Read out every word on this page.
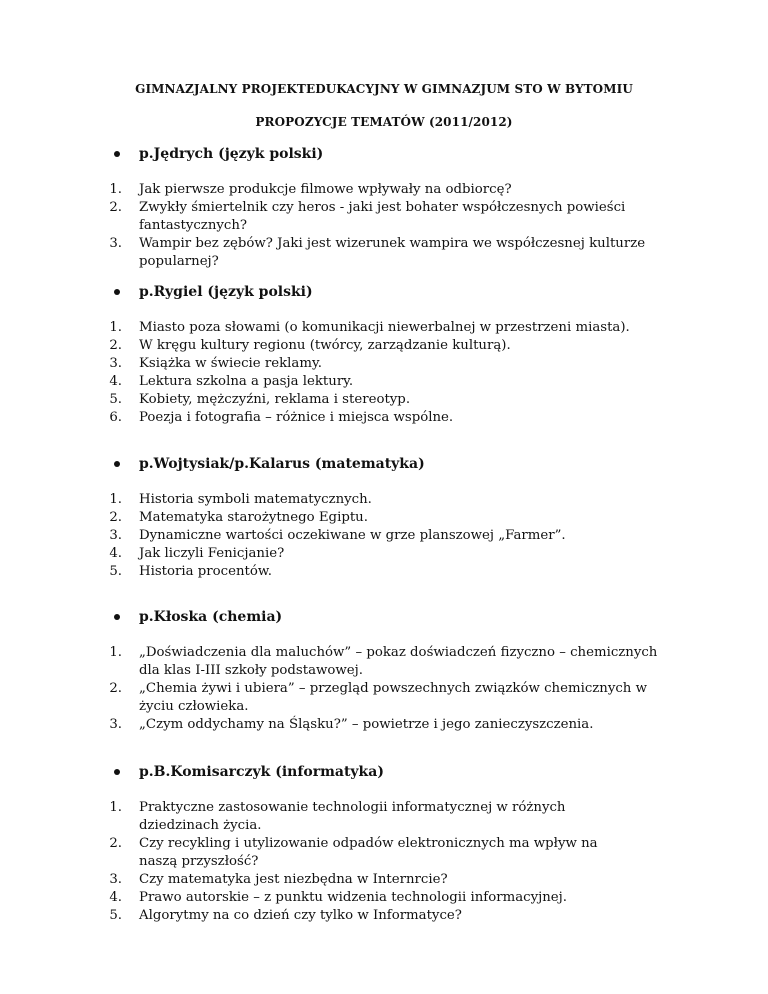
GIMNAZJALNY PROJEKTEDUKACYJNY W GIMNAZJUM STO W BYTOMIU
PROPOZYCJE TEMATÓW (2011/2012)
p.Jędrych (język polski)
1. Jak pierwsze produkcje filmowe wpływały na odbiorcę?
2. Zwykły śmiertelnik czy heros - jaki jest bohater współczesnych powieści fantastycznych?
3. Wampir bez zębów? Jaki jest wizerunek wampira we współczesnej kulturze popularnej?
p.Rygiel (język polski)
1. Miasto poza słowami (o komunikacji niewerbalnej w przestrzeni miasta).
2. W kręgu kultury regionu (twórcy, zarządzanie kulturą).
3. Książka w świecie reklamy.
4. Lektura szkolna a pasja lektury.
5. Kobiety, mężczyźni, reklama i stereotyp.
6. Poezja i fotografia – różnice i miejsca wspólne.
p.Wojtysiak/p.Kalarus (matematyka)
1. Historia symboli matematycznych.
2. Matematyka starożytnego Egiptu.
3. Dynamiczne wartości oczekiwane w grze planszowej „Farmer”.
4. Jak liczyli Fenicjanie?
5. Historia procentów.
p.Kłoska (chemia)
1. „Doświadczenia dla maluchów” – pokaz doświadczeń fizyczno – chemicznych dla klas I-III szkoły podstawowej.
2. „Chemia żywi i ubiera” – przegląd powszechnych związków chemicznych w życiu człowieka.
3. „Czym oddychamy na Śląsku?” – powietrze i jego zanieczyszczenia.
p.B.Komisarczyk (informatyka)
1. Praktyczne zastosowanie technologii informatycznej w różnych dziedzinach życia.
2. Czy recykling i utylizowanie odpadów elektronicznych ma wpływ na naszą przyszłość?
3. Czy matematyka jest niezbędna w Internrcie?
4. Prawo autorskie – z punktu widzenia technologii informacyjnej.
5. Algorytmy na co dzień czy tylko w Informatyce?
